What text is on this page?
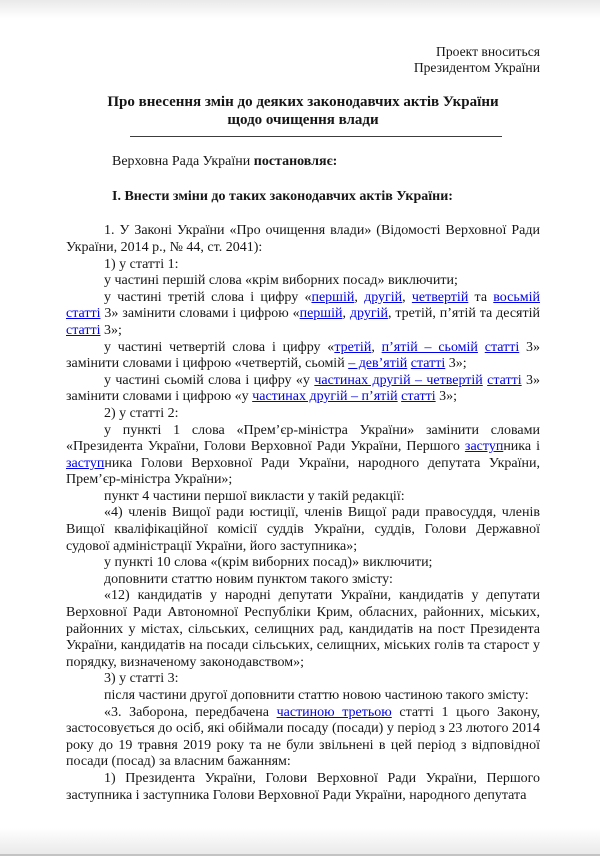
Проект вноситься
Президентом України
Про внесення змін до деяких законодавчих актів України
щодо очищення влади

Верховна Рада України постановляє:

І. Внести зміни до таких законодавчих актів України:

1. У Законі України «Про очищення влади» (Відомості Верховної Ради України, 2014 р., № 44, ст. 2041):

1) у статті 1:

у частині першій слова «крім виборних посад» виключити;

у частині третій слова і цифру «першій, другій, четвертій та восьмій статті 3» замінити словами і цифрою «першій, другій, третій, п’ятій та десятій статті 3»;

у частині четвертій слова і цифру «третій, п’ятій – сьомій статті 3» замінити словами і цифрою «четвертій, сьомій – дев’ятій статті 3»;

у частині сьомій слова і цифру «у частинах другій – четвертій статті 3» замінити словами і цифрою «у частинах другій – п’ятій статті 3»;

2) у статті 2:

у пункті 1 слова «Прем’єр-міністра України» замінити словами «Президента України, Голови Верховної Ради України, Першого заступника і заступника Голови Верховної Ради України, народного депутата України, Прем’єр-міністра України»;

пункт 4 частини першої викласти у такій редакції:

«4) членів Вищої ради юстиції, членів Вищої ради правосуддя, членів Вищої кваліфікаційної комісії суддів України, суддів, Голови Державної судової адміністрації України, його заступника»;

у пункті 10 слова «(крім виборних посад)» виключити;

доповнити статтю новим пунктом такого змісту:

«12) кандидатів у народні депутати України, кандидатів у депутати Верховної Ради Автономної Республіки Крим, обласних, районних, міських, районних у містах, сільських, селищних рад, кандидатів на пост Президента України, кандидатів на посади сільських, селищних, міських голів та старост у порядку, визначеному законодавством»;

3) у статті 3:

після частини другої доповнити статтю новою частиною такого змісту:

«3. Заборона, передбачена частиною третьою статті 1 цього Закону, застосовується до осіб, які обіймали посаду (посади) у період з 23 лютого 2014 року до 19 травня 2019 року та не були звільнені в цей період з відповідної посади (посад) за власним бажанням:

1) Президента України, Голови Верховної Ради України, Першого заступника і заступника Голови Верховної Ради України, народного депутата
